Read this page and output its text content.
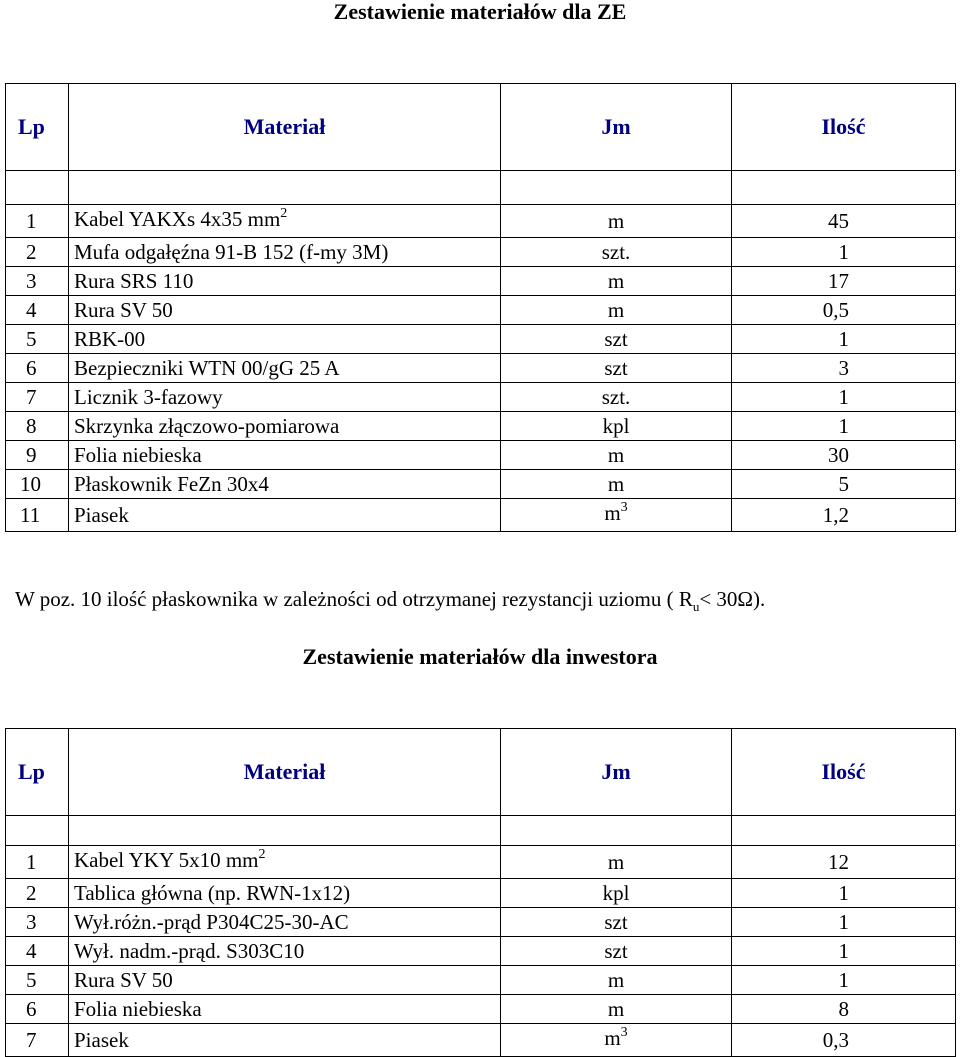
Zestawienie materiałów dla ZE
Lp	Materiał	Jm	Ilość

1	Kabel YAKXs 4x35 $mm^2$	m	45
2	Mufa odgałęźna 91-B 152 (f-my 3M)	szt.	1
3	Rura SRS 110	m	17
4	Rura SV 50	m	0,5
5	RBK-00	szt	1
6	Bezpieczniki WTN 00/gG 25 A	szt	3
7	Licznik 3-fazowy	szt.	1
8	Skrzynka złączowo-pomiarowa	kpl	1
9	Folia niebieska	m	30
10	Płaskownik FeZn 30x4	m	5
11	Piasek	$m^3$	1,2
W poz. 10 ilość płaskownika w zależności od otrzymanej rezystancji uziomu ( $R_u< 30\Omega$).
Zestawienie materiałów dla inwestora
Lp	Materiał	Jm	Ilość

1	Kabel YKY 5x10 $mm^2$	m	12
2	Tablica główna (np. RWN-1x12)	kpl	1
3	Wył.różn.-prąd P304C25-30-AC	szt	1
4	Wył. nadm.-prąd. S303C10	szt	1
5	Rura SV 50	m	1
6	Folia niebieska	m	8
7	Piasek	$m^3$	0,3
